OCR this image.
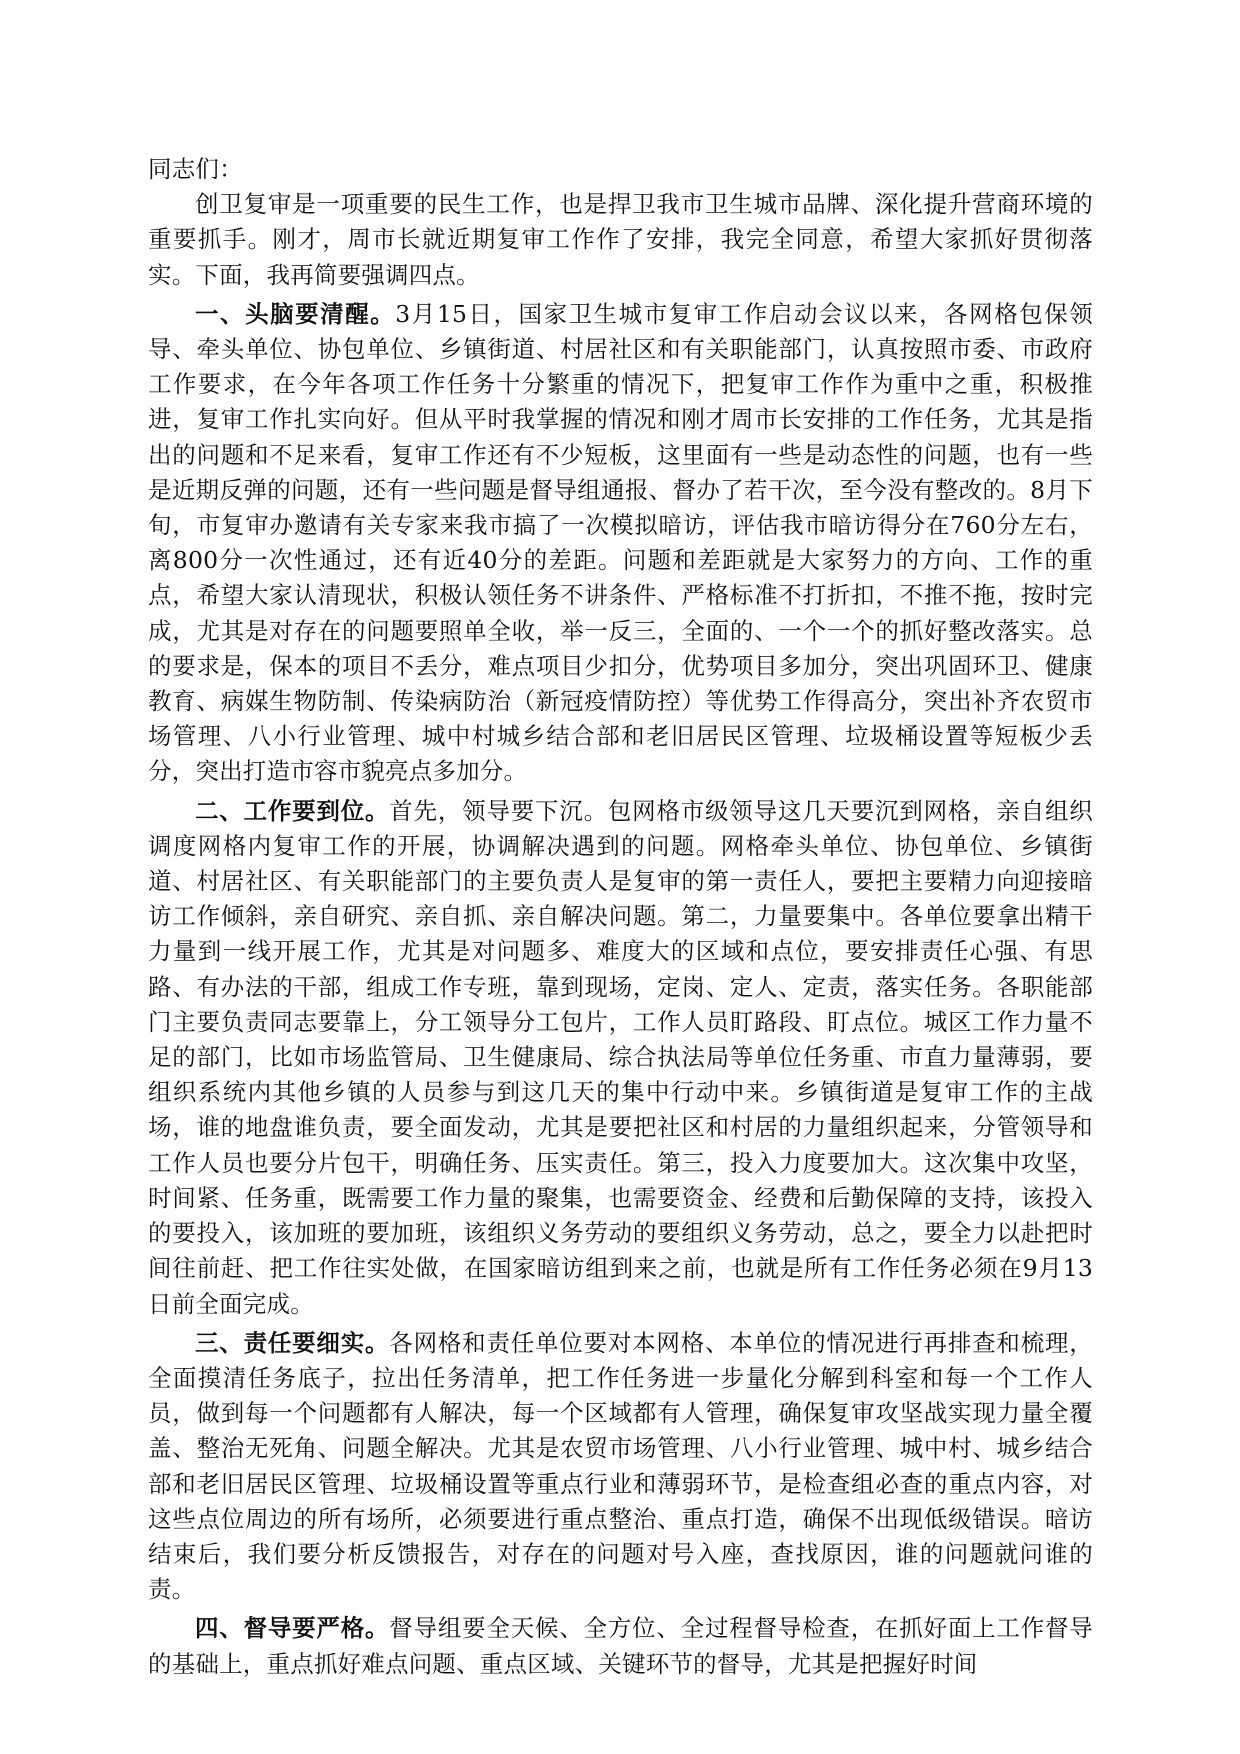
同志们：

创卫复审是一项重要的民生工作，也是捍卫我市卫生城市品牌、深化提升营商环境的重要抓手。刚才，周市长就近期复审工作作了安排，我完全同意，希望大家抓好贯彻落实。下面，我再简要强调四点。

一、头脑要清醒。3月15日，国家卫生城市复审工作启动会议以来，各网格包保领导、牵头单位、协包单位、乡镇街道、村居社区和有关职能部门，认真按照市委、市政府工作要求，在今年各项工作任务十分繁重的情况下，把复审工作作为重中之重，积极推进，复审工作扎实向好。但从平时我掌握的情况和刚才周市长安排的工作任务，尤其是指出的问题和不足来看，复审工作还有不少短板，这里面有一些是动态性的问题，也有一些是近期反弹的问题，还有一些问题是督导组通报、督办了若干次，至今没有整改的。8月下旬，市复审办邀请有关专家来我市搞了一次模拟暗访，评估我市暗访得分在760分左右，离800分一次性通过，还有近40分的差距。问题和差距就是大家努力的方向、工作的重点，希望大家认清现状，积极认领任务不讲条件、严格标准不打折扣，不推不拖，按时完成，尤其是对存在的问题要照单全收，举一反三，全面的、一个一个的抓好整改落实。总的要求是，保本的项目不丢分，难点项目少扣分，优势项目多加分，突出巩固环卫、健康教育、病媒生物防制、传染病防治（新冠疫情防控）等优势工作得高分，突出补齐农贸市场管理、八小行业管理、城中村城乡结合部和老旧居民区管理、垃圾桶设置等短板少丢分，突出打造市容市貌亮点多加分。

二、工作要到位。首先，领导要下沉。包网格市级领导这几天要沉到网格，亲自组织调度网格内复审工作的开展，协调解决遇到的问题。网格牵头单位、协包单位、乡镇街道、村居社区、有关职能部门的主要负责人是复审的第一责任人，要把主要精力向迎接暗访工作倾斜，亲自研究、亲自抓、亲自解决问题。第二，力量要集中。各单位要拿出精干力量到一线开展工作，尤其是对问题多、难度大的区域和点位，要安排责任心强、有思路、有办法的干部，组成工作专班，靠到现场，定岗、定人、定责，落实任务。各职能部门主要负责同志要靠上，分工领导分工包片，工作人员盯路段、盯点位。城区工作力量不足的部门，比如市场监管局、卫生健康局、综合执法局等单位任务重、市直力量薄弱，要组织系统内其他乡镇的人员参与到这几天的集中行动中来。乡镇街道是复审工作的主战场，谁的地盘谁负责，要全面发动，尤其是要把社区和村居的力量组织起来，分管领导和工作人员也要分片包干，明确任务、压实责任。第三，投入力度要加大。这次集中攻坚，时间紧、任务重，既需要工作力量的聚集，也需要资金、经费和后勤保障的支持，该投入的要投入，该加班的要加班，该组织义务劳动的要组织义务劳动，总之，要全力以赴把时间往前赶、把工作往实处做，在国家暗访组到来之前，也就是所有工作任务必须在9月13日前全面完成。

三、责任要细实。各网格和责任单位要对本网格、本单位的情况进行再排查和梳理，全面摸清任务底子，拉出任务清单，把工作任务进一步量化分解到科室和每一个工作人员，做到每一个问题都有人解决，每一个区域都有人管理，确保复审攻坚战实现力量全覆盖、整治无死角、问题全解决。尤其是农贸市场管理、八小行业管理、城中村、城乡结合部和老旧居民区管理、垃圾桶设置等重点行业和薄弱环节，是检查组必查的重点内容，对这些点位周边的所有场所，必须要进行重点整治、重点打造，确保不出现低级错误。暗访结束后，我们要分析反馈报告，对存在的问题对号入座，查找原因，谁的问题就问谁的责。

四、督导要严格。督导组要全天候、全方位、全过程督导检查，在抓好面上工作督导的基础上，重点抓好难点问题、重点区域、关键环节的督导，尤其是把握好时间
